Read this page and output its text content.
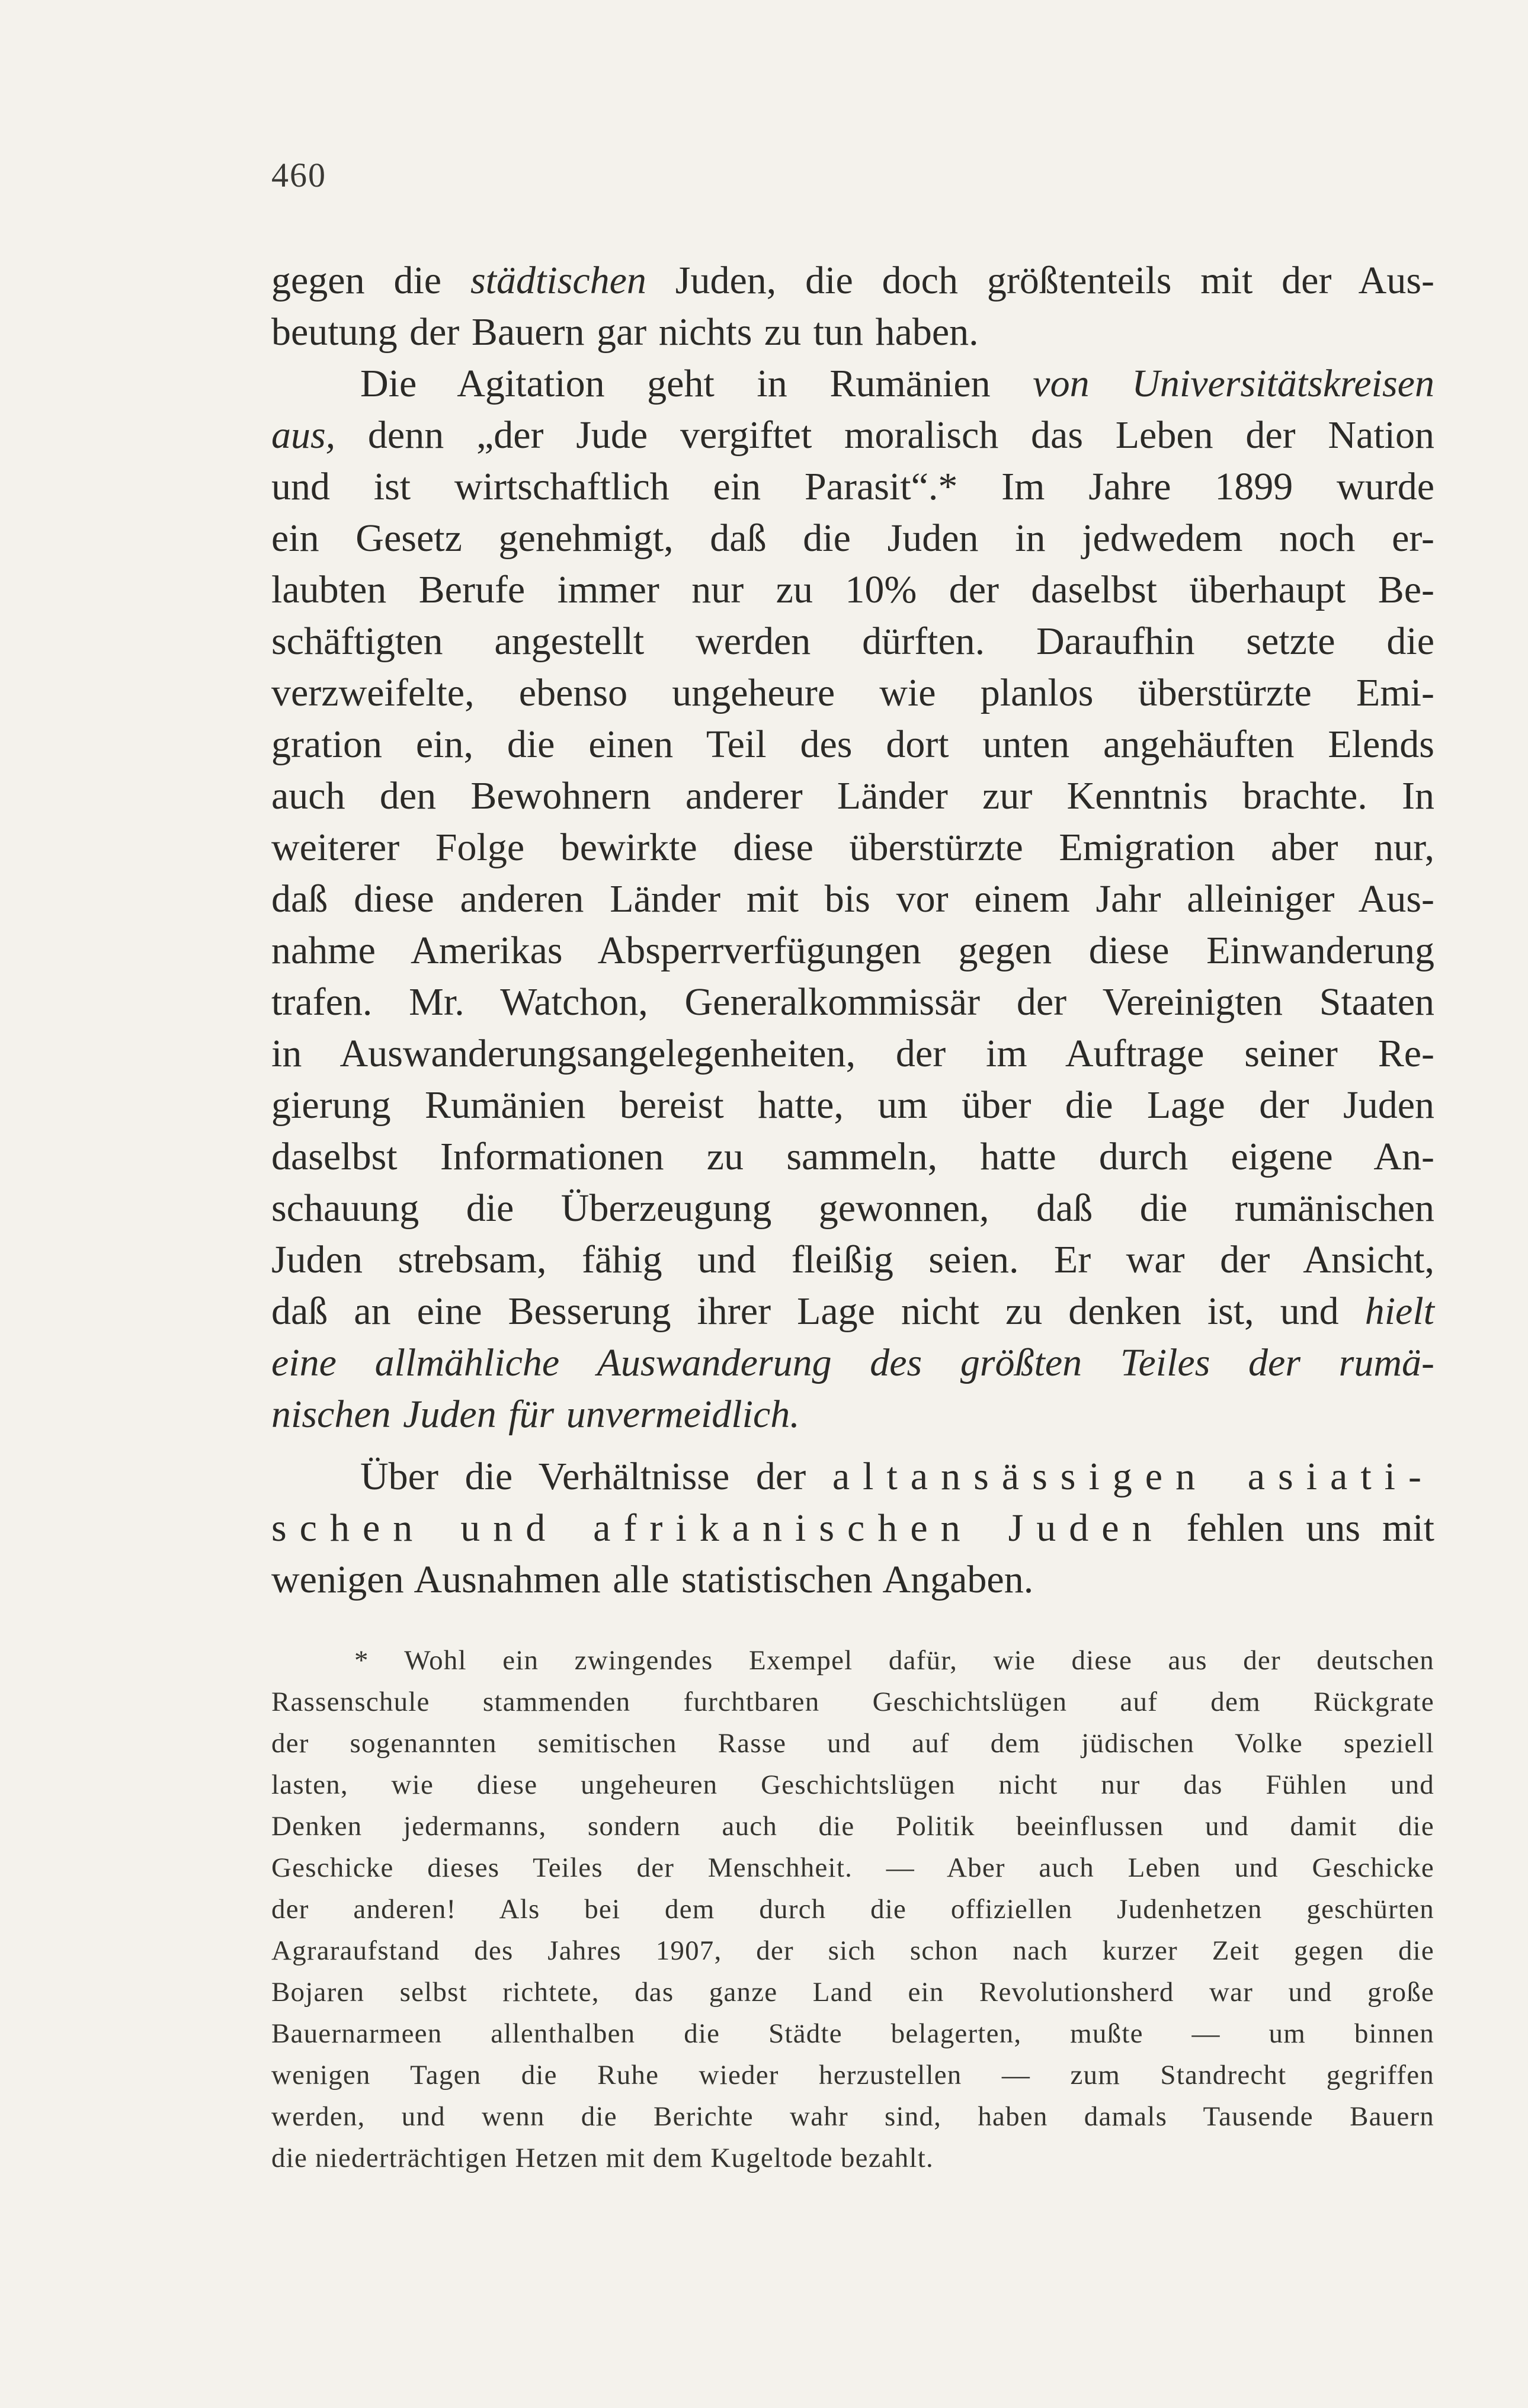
460
gegen die städtischen Juden, die doch größtenteils mit der Aus-
beutung der Bauern gar nichts zu tun haben.
Die Agitation geht in Rumänien von Universitätskreisen
aus, denn „der Jude vergiftet moralisch das Leben der Nation
und ist wirtschaftlich ein Parasit“.* Im Jahre 1899 wurde
ein Gesetz genehmigt, daß die Juden in jedwedem noch er-
laubten Berufe immer nur zu 10% der daselbst überhaupt Be-
schäftigten angestellt werden dürften. Daraufhin setzte die
verzweifelte, ebenso ungeheure wie planlos überstürzte Emi-
gration ein, die einen Teil des dort unten angehäuften Elends
auch den Bewohnern anderer Länder zur Kenntnis brachte. In
weiterer Folge bewirkte diese überstürzte Emigration aber nur,
daß diese anderen Länder mit bis vor einem Jahr alleiniger Aus-
nahme Amerikas Absperrverfügungen gegen diese Einwanderung
trafen. Mr. Watchon, Generalkommissär der Vereinigten Staaten
in Auswanderungsangelegenheiten, der im Auftrage seiner Re-
gierung Rumänien bereist hatte, um über die Lage der Juden
daselbst Informationen zu sammeln, hatte durch eigene An-
schauung die Überzeugung gewonnen, daß die rumänischen
Juden strebsam, fähig und fleißig seien. Er war der Ansicht,
daß an eine Besserung ihrer Lage nicht zu denken ist, und hielt
eine allmähliche Auswanderung des größten Teiles der rumä-
nischen Juden für unvermeidlich.
Über die Verhältnisse der altansässigen asiati-
schen und afrikanischen Juden fehlen uns mit
wenigen Ausnahmen alle statistischen Angaben.
* Wohl ein zwingendes Exempel dafür, wie diese aus der deutschen
Rassenschule stammenden furchtbaren Geschichtslügen auf dem Rückgrate
der sogenannten semitischen Rasse und auf dem jüdischen Volke speziell
lasten, wie diese ungeheuren Geschichtslügen nicht nur das Fühlen und
Denken jedermanns, sondern auch die Politik beeinflussen und damit die
Geschicke dieses Teiles der Menschheit. — Aber auch Leben und Geschicke
der anderen! Als bei dem durch die offiziellen Judenhetzen geschürten
Agraraufstand des Jahres 1907, der sich schon nach kurzer Zeit gegen die
Bojaren selbst richtete, das ganze Land ein Revolutionsherd war und große
Bauernarmeen allenthalben die Städte belagerten, mußte — um binnen
wenigen Tagen die Ruhe wieder herzustellen — zum Standrecht gegriffen
werden, und wenn die Berichte wahr sind, haben damals Tausende Bauern
die niederträchtigen Hetzen mit dem Kugeltode bezahlt.
